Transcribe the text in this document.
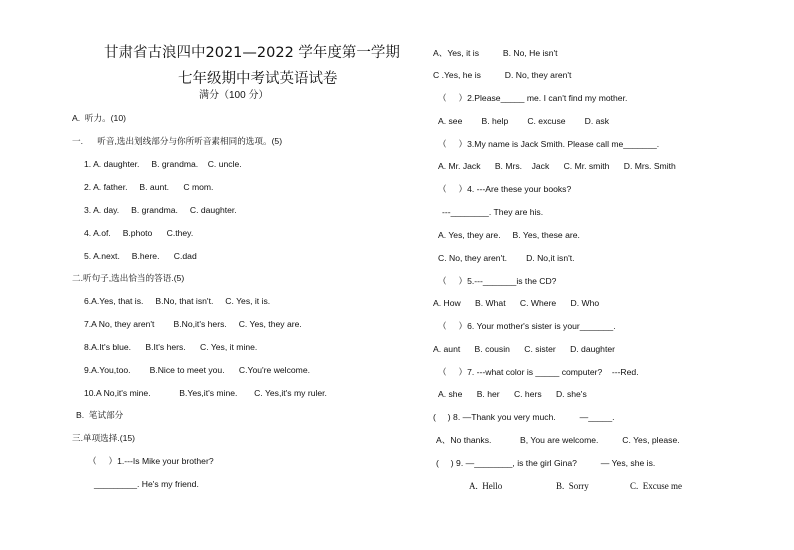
甘肃省古浪四中2021—2022 学年度第一学期
七年级期中考试英语试卷
满分（100 分）
A.  听力。(10)
一.      听音,选出划线部分与你所听音素相同的选项。(5)
1. A. daughter.     B. grandma.    C. uncle.
2. A. father.     B. aunt.      C mom.
3. A. day.     B. grandma.     C. daughter.
4. A.of.     B.photo      C.they.
5. A.next.     B.here.      C.dad
二.听句子,选出恰当的答语.(5)
6.A.Yes, that is.     B.No, that isn't.     C. Yes, it is.
7.A No, they aren't        B.No,it's hers.     C. Yes, they are.
8.A.It's blue.      B.It's hers.      C. Yes, it mine.
9.A.You,too.        B.Nice to meet you.      C.You're welcome.
10.A No,it's mine.            B.Yes,it's mine.       C. Yes,it's my ruler.
B.  笔试部分
三.单项选择.(15)
（     ）1.---Is Mike your brother?
_________. He's my friend.
A、Yes, it is          B. No, He isn't
C .Yes, he is          D. No, they aren't
（     ）2.Please_____ me. I can't find my mother.
A. see        B. help        C. excuse        D. ask
（     ）3.My name is Jack Smith. Please call me_______.
A. Mr. Jack      B. Mrs.    Jack      C. Mr. smith      D. Mrs. Smith
（     ）4. ---Are these your books?
---________. They are his.
A. Yes, they are.     B. Yes, these are.
C. No, they aren't.        D. No,it isn't.
（     ）5.---_______is the CD?
A. How      B. What      C. Where      D. Who
（     ）6. Your mother's sister is your_______.
A. aunt      B. cousin      C. sister      D. daughter
（     ）7. ---what color is _____ computer?    ---Red.
A. she      B. her      C. hers      D. she's
(     ) 8. —Thank you very much.          —_____.
A、No thanks.            B, You are welcome.          C. Yes, please.
(     ) 9. —________, is the girl Gina?          — Yes, she is.
A.  Hello	B.  Sorry	C.  Excuse me
